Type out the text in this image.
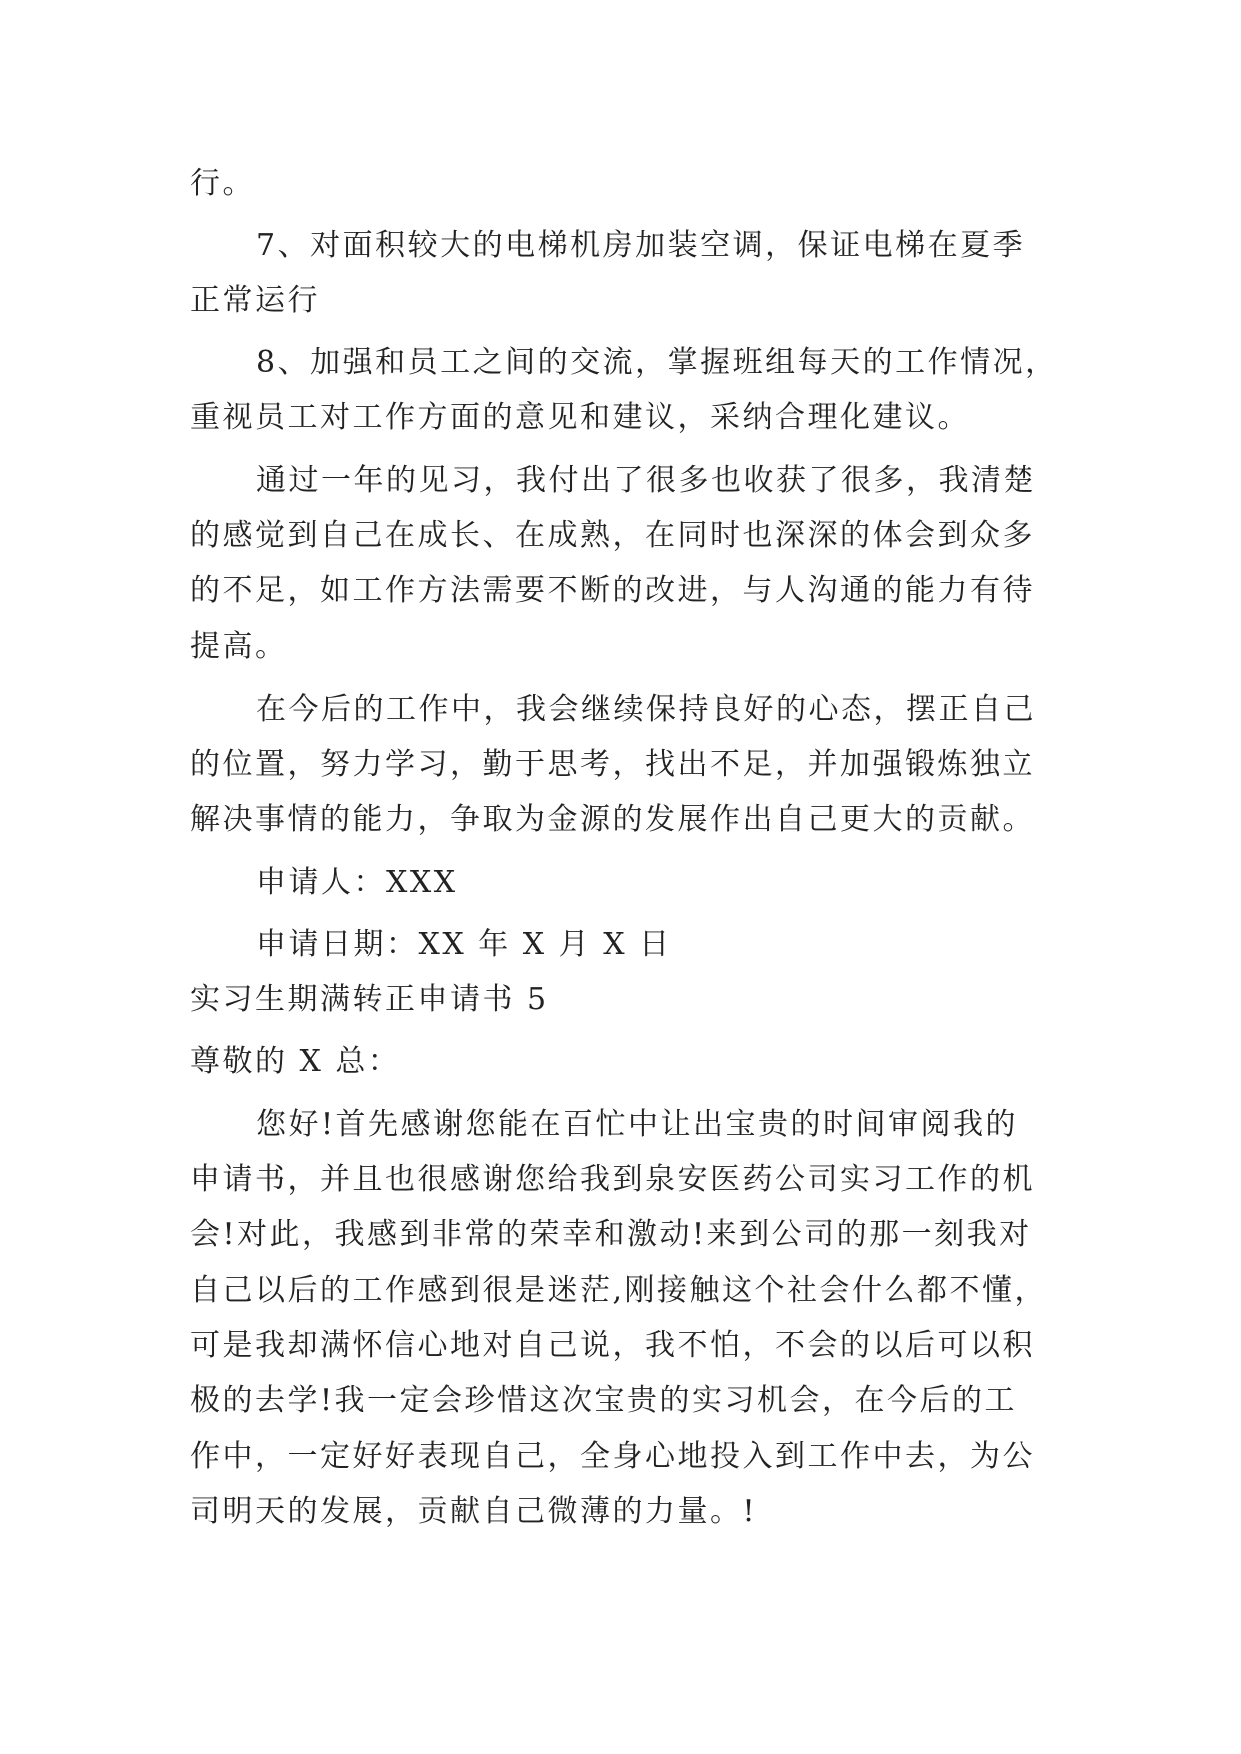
行。
7、对面积较大的电梯机房加装空调，保证电梯在夏季
正常运行
8、加强和员工之间的交流，掌握班组每天的工作情况，
重视员工对工作方面的意见和建议，采纳合理化建议。
通过一年的见习，我付出了很多也收获了很多，我清楚
的感觉到自己在成长、在成熟，在同时也深深的体会到众多
的不足，如工作方法需要不断的改进，与人沟通的能力有待
提高。
在今后的工作中，我会继续保持良好的心态，摆正自己
的位置，努力学习，勤于思考，找出不足，并加强锻炼独立
解决事情的能力，争取为金源的发展作出自己更大的贡献。
申请人：XXX
申请日期：XX 年 X 月 X 日
实习生期满转正申请书 5
尊敬的 X 总：
您好!首先感谢您能在百忙中让出宝贵的时间审阅我的
申请书，并且也很感谢您给我到泉安医药公司实习工作的机
会!对此，我感到非常的荣幸和激动!来到公司的那一刻我对
自己以后的工作感到很是迷茫,刚接触这个社会什么都不懂，
可是我却满怀信心地对自己说，我不怕，不会的以后可以积
极的去学!我一定会珍惜这次宝贵的实习机会，在今后的工
作中，一定好好表现自己，全身心地投入到工作中去，为公
司明天的发展，贡献自己微薄的力量。!
